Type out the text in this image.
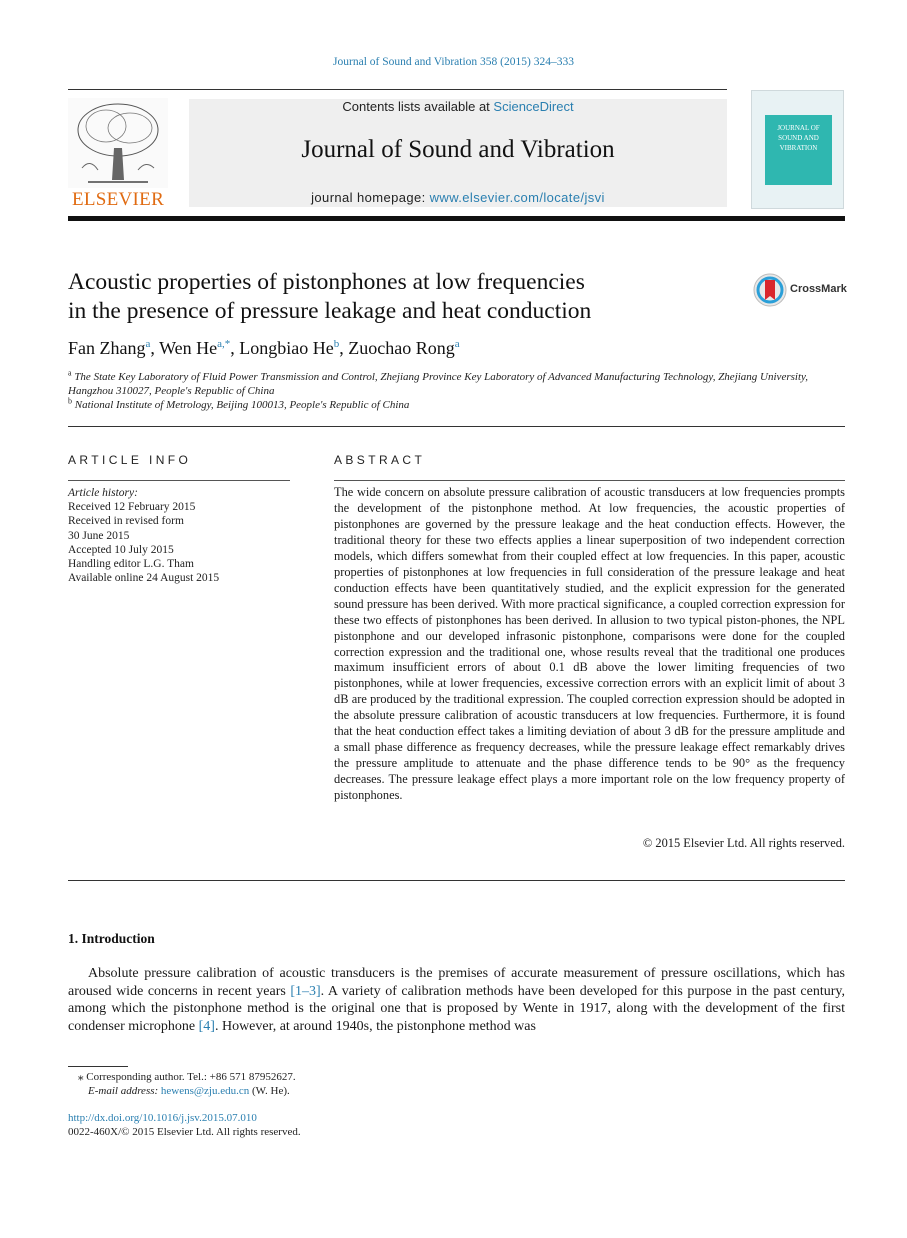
Journal of Sound and Vibration 358 (2015) 324–333
ELSEVIER
Contents lists available at ScienceDirect
Journal of Sound and Vibration
journal homepage: www.elsevier.com/locate/jsvi
JOURNAL OF SOUND AND VIBRATION
Acoustic properties of pistonphones at low frequencies
in the presence of pressure leakage and heat conduction
CrossMark
Fan Zhang$^a$, Wen $He^{a,*}$, Longbiao He$^b$, Zuochao Rong$^a$
$^a$ The State Key Laboratory of Fluid Power Transmission and Control, Zhejiang Province Key Laboratory of Advanced Manufacturing Technology, Zhejiang University, Hangzhou 310027, People's Republic of China
$^b$ National Institute of Metrology, Beijing 100013, People's Republic of China
ARTICLE INFO
Article history:
Received 12 February 2015
Received in revised form
30 June 2015
Accepted 10 July 2015
Handling editor L.G. Tham
Available online 24 August 2015
ABSTRACT
The wide concern on absolute pressure calibration of acoustic transducers at low frequencies prompts the development of the pistonphone method. At low frequencies, the acoustic properties of pistonphones are governed by the pressure leakage and the heat conduction effects. However, the traditional theory for these two effects applies a linear superposition of two independent correction models, which differs somewhat from their coupled effect at low frequencies. In this paper, acoustic properties of pistonphones at low frequencies in full consideration of the pressure leakage and heat conduction effects have been quantitatively studied, and the explicit expression for the generated sound pressure has been derived. With more practical significance, a coupled correction expression for these two effects of pistonphones has been derived. In allusion to two typical piston-phones, the NPL pistonphone and our developed infrasonic pistonphone, comparisons were done for the coupled correction expression and the traditional one, whose results reveal that the traditional one produces maximum insufficient errors of about 0.1 dB above the lower limiting frequencies of two pistonphones, while at lower frequencies, excessive correction errors with an explicit limit of about 3 dB are produced by the traditional expression. The coupled correction expression should be adopted in the absolute pressure calibration of acoustic transducers at low frequencies. Furthermore, it is found that the heat conduction effect takes a limiting deviation of about 3 dB for the pressure amplitude and a small phase difference as frequency decreases, while the pressure leakage effect remarkably drives the pressure amplitude to attenuate and the phase difference tends to be 90° as the frequency decreases. The pressure leakage effect plays a more important role on the low frequency property of pistonphones.
© 2015 Elsevier Ltd. All rights reserved.
1. Introduction
Absolute pressure calibration of acoustic transducers is the premises of accurate measurement of pressure oscillations, which has aroused wide concerns in recent years [1–3]. A variety of calibration methods have been developed for this purpose in the past century, among which the pistonphone method is the original one that is proposed by Wente in 1917, along with the development of the first condenser microphone [4]. However, at around 1940s, the pistonphone method was
⁎ Corresponding author. Tel.: +86 571 87952627.
E-mail address: hewens@zju.edu.cn (W. He).
http://dx.doi.org/10.1016/j.jsv.2015.07.010
0022-460X/© 2015 Elsevier Ltd. All rights reserved.
